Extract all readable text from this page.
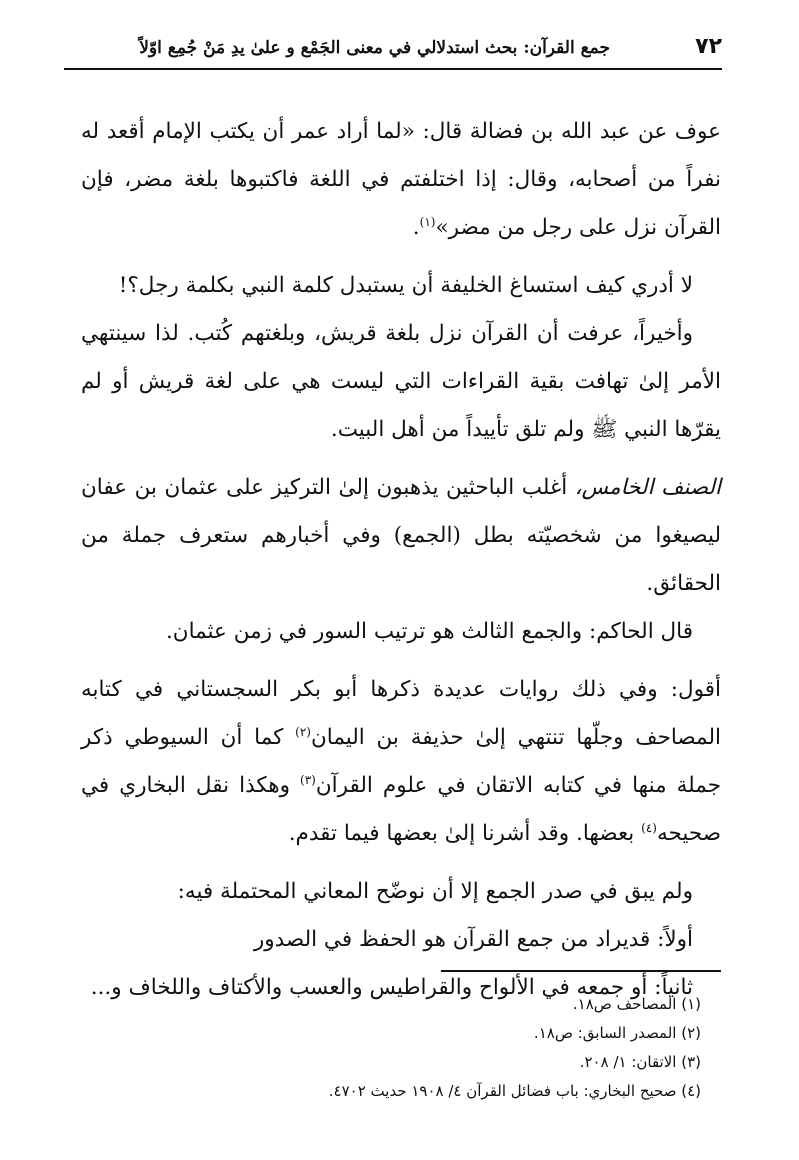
٧٢
جمع القرآن: بحث استدلالي في معنى الجَمْع و علىٰ يدِ مَنْ جُمِع اوّلاً

عوف عن عبد الله بن فضالة قال: «لما أراد عمر أن يكتب الإمام أقعد له نفراً من أصحابه، وقال: إذا اختلفتم في اللغة فاكتبوها بلغة مضر، فإن القرآن نزل على رجل من مضر»$^{(١)}$.

لا أدري كيف استساغ الخليفة أن يستبدل كلمة النبي بكلمة رجل؟!

وأخيراً، عرفت أن القرآن نزل بلغة قريش، وبلغتهم كُتب. لذا سينتهي الأمر إلىٰ تهافت بقية القراءات التي ليست هي على لغة قريش أو لم يقرّها النبي ﷺ ولم تلق تأييداً من أهل البيت.

الصنف الخامس، أغلب الباحثين يذهبون إلىٰ التركيز على عثمان بن عفان ليصيغوا من شخصيّته بطل (الجمع) وفي أخبارهم ستعرف جملة من الحقائق.

قال الحاكم: والجمع الثالث هو ترتيب السور في زمن عثمان.

أقول: وفي ذلك روايات عديدة ذكرها أبو بكر السجستاني في كتابه المصاحف وجلّها تنتهي إلىٰ حذيفة بن اليمان$^{(٢)}$ كما أن السيوطي ذكر جملة منها في كتابه الاتقان في علوم القرآن$^{(٣)}$ وهكذا نقل البخاري في صحيحه$^{(٤)}$ بعضها. وقد أشرنا إلىٰ بعضها فيما تقدم.

ولم يبق في صدر الجمع إلا أن نوضّح المعاني المحتملة فيه:

أولاً: قديراد من جمع القرآن هو الحفظ في الصدور

ثانياً: أو جمعه في الألواح والقراطيس والعسب والأكتاف واللخاف و...

(١) المصاحف ص١٨.
(٢) المصدر السابق: ص١٨.
(٣) الاتقان: ١/ ٢٠٨.
(٤) صحيح البخاري: باب فضائل القرآن ٤/ ١٩٠٨ حديث ٤٧٠٢.
